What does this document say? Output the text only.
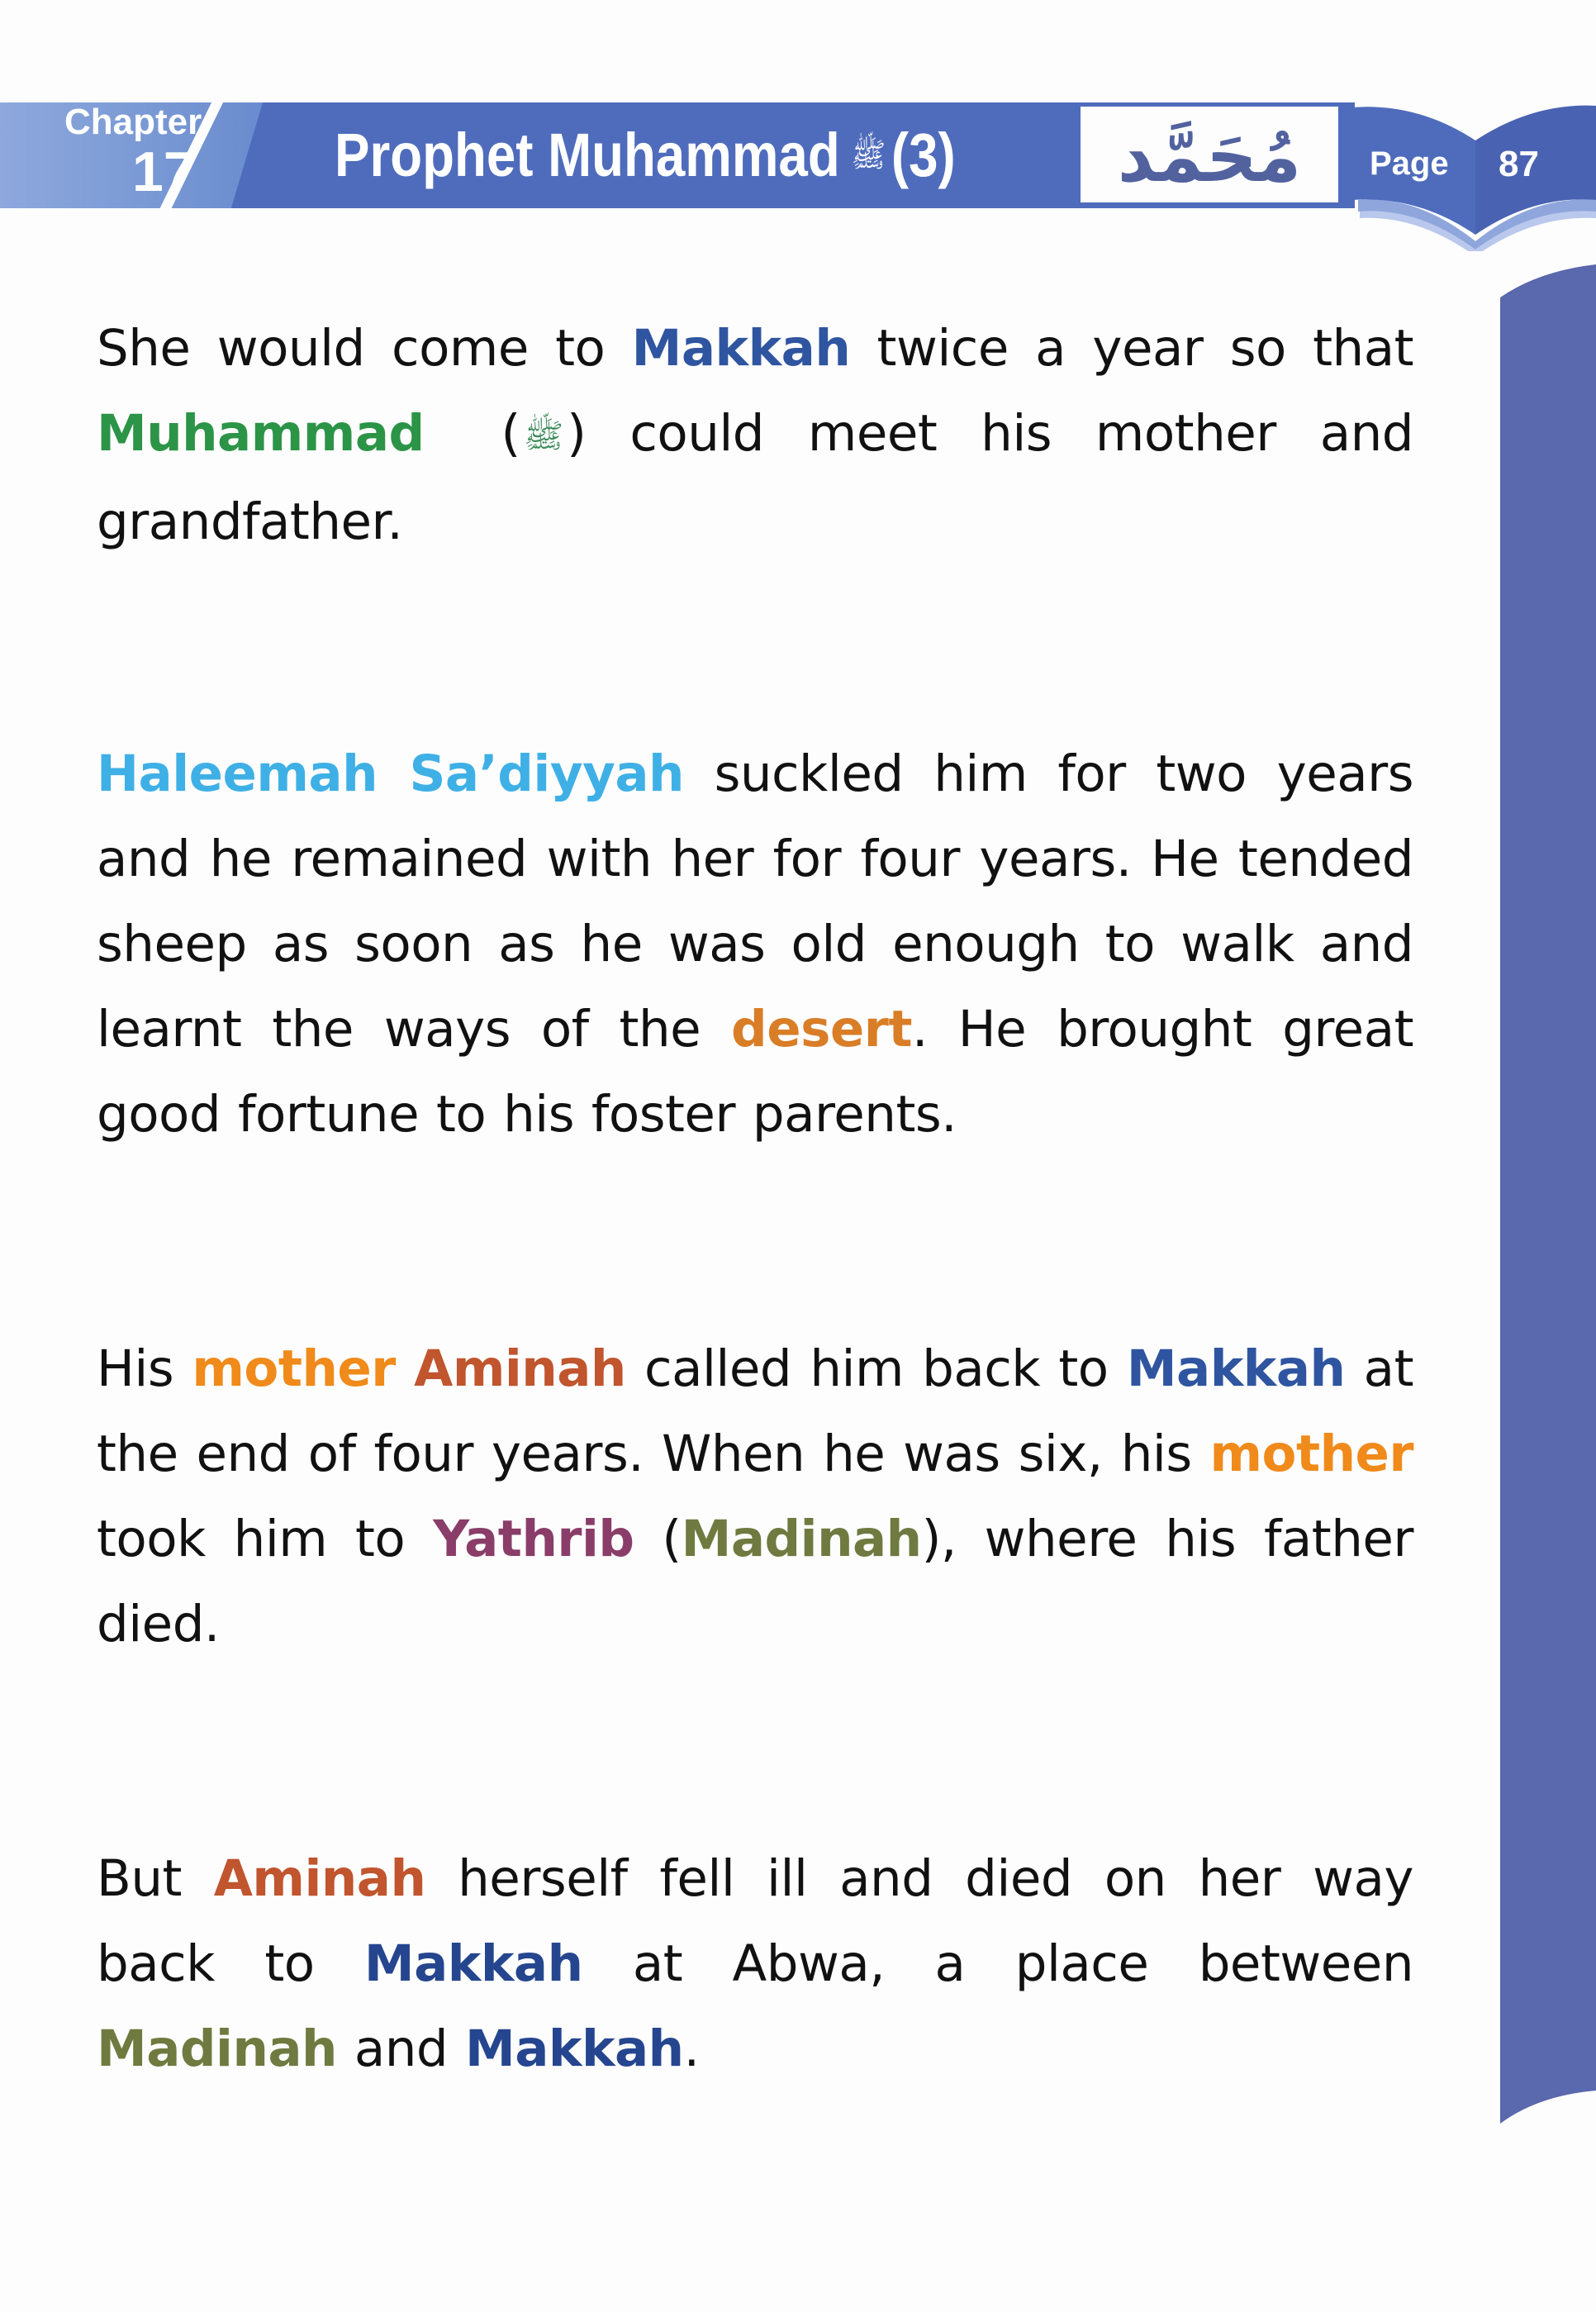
Chapter
17 Prophet Muhammad ﷺ (3) مُحَمَّد Page 87

She would come to Makkah twice a year so that Muhammad ( ﷺ) could meet his mother and grandfather.

Haleemah Sa’diyyah suckled him for two years and he remained with her for four years. He tended sheep as soon as he was old enough to walk and learnt the ways of the desert. He brought great good fortune to his foster parents.

His mother Aminah called him back to Makkah at the end of four years. When he was six, his mother took him to Yathrib (Madinah), where his father died.

But Aminah herself fell ill and died on her way back to Makkah at Abwa, a place between Madinah and Makkah.
